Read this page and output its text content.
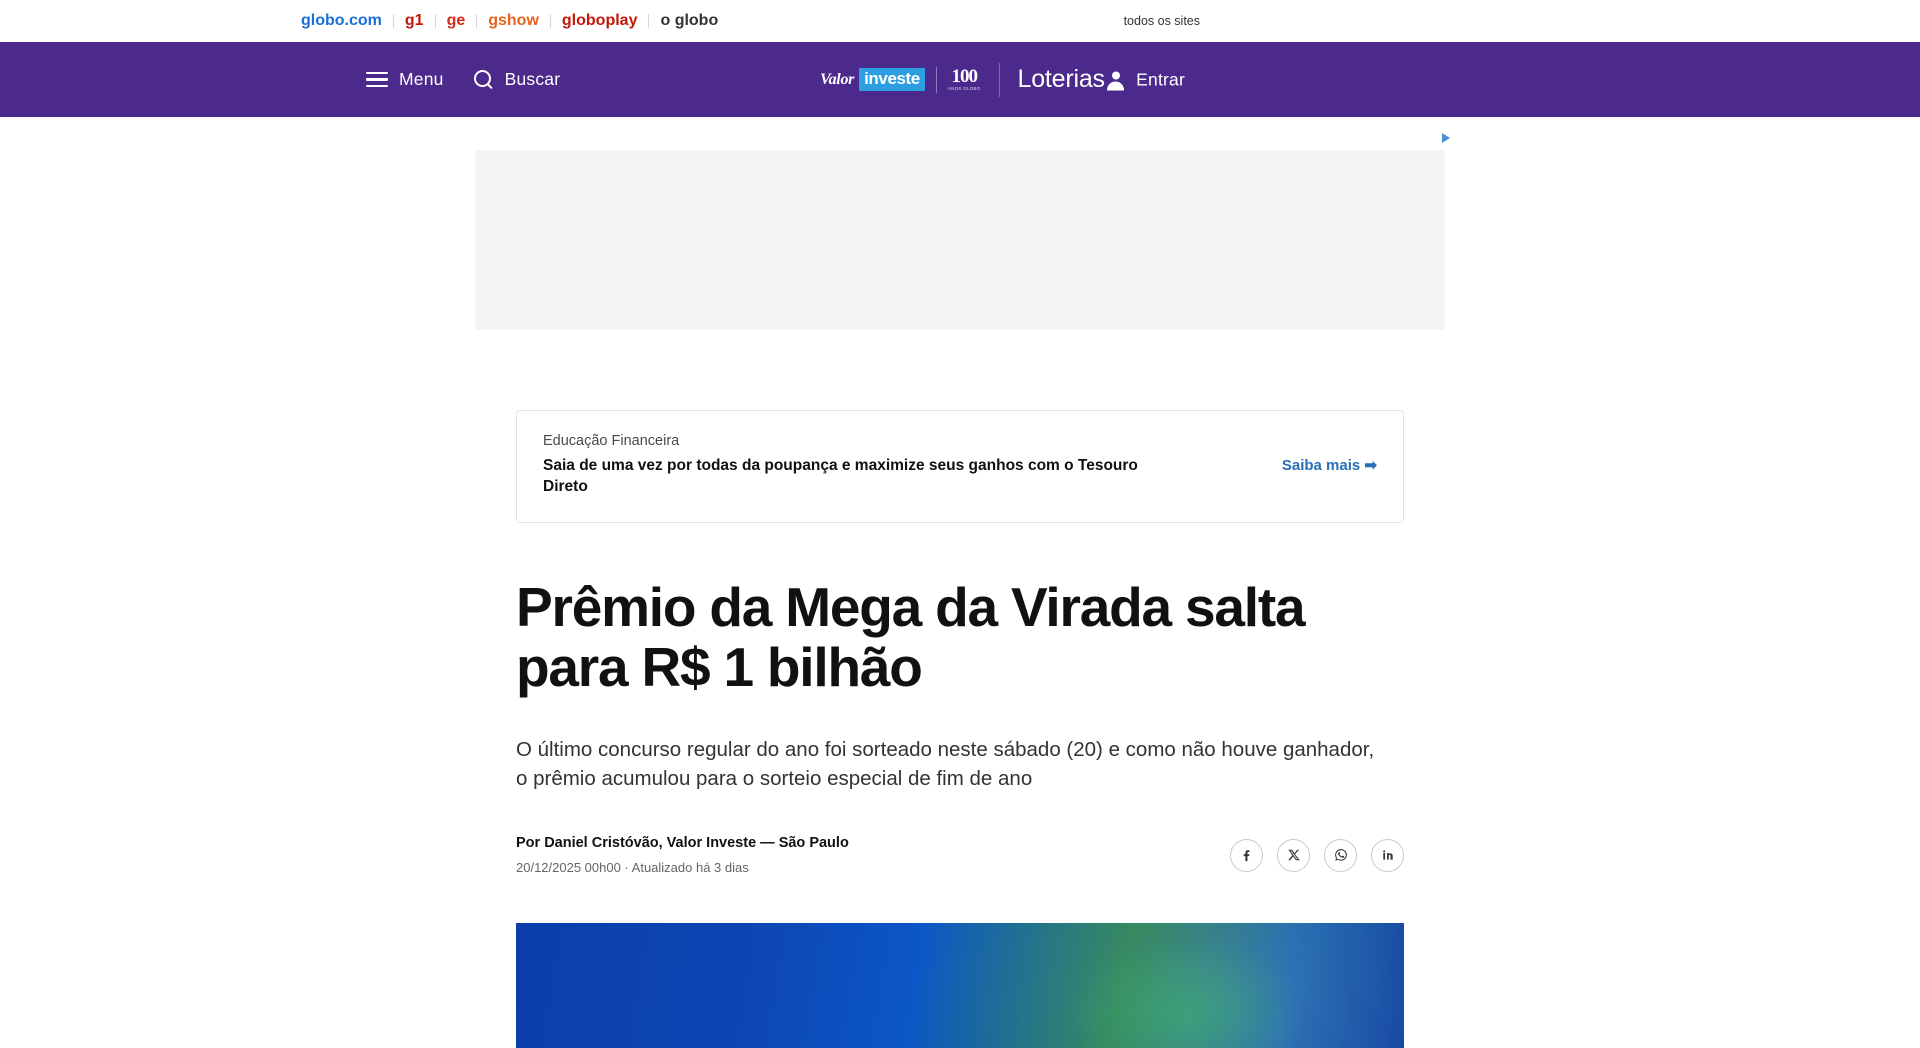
globo.com	g1	ge	gshow	globoplay	o globo	todos os sites
Menu	Buscar	Valor investe 100
ANOS GLOBO Loterias Entrar
Educação Financeira
Saia de uma vez por todas da poupança e maximize seus ganhos com o Tesouro Direto
Saiba mais ➡
Prêmio da Mega da Virada salta para R$ 1 bilhão

O último concurso regular do ano foi sorteado neste sábado (20) e como não houve ganhador, o prêmio acumulou para o sorteio especial de fim de ano

Por Daniel Cristóvão, Valor Investe — São Paulo
20/12/2025 00h00 · Atualizado há 3 dias
